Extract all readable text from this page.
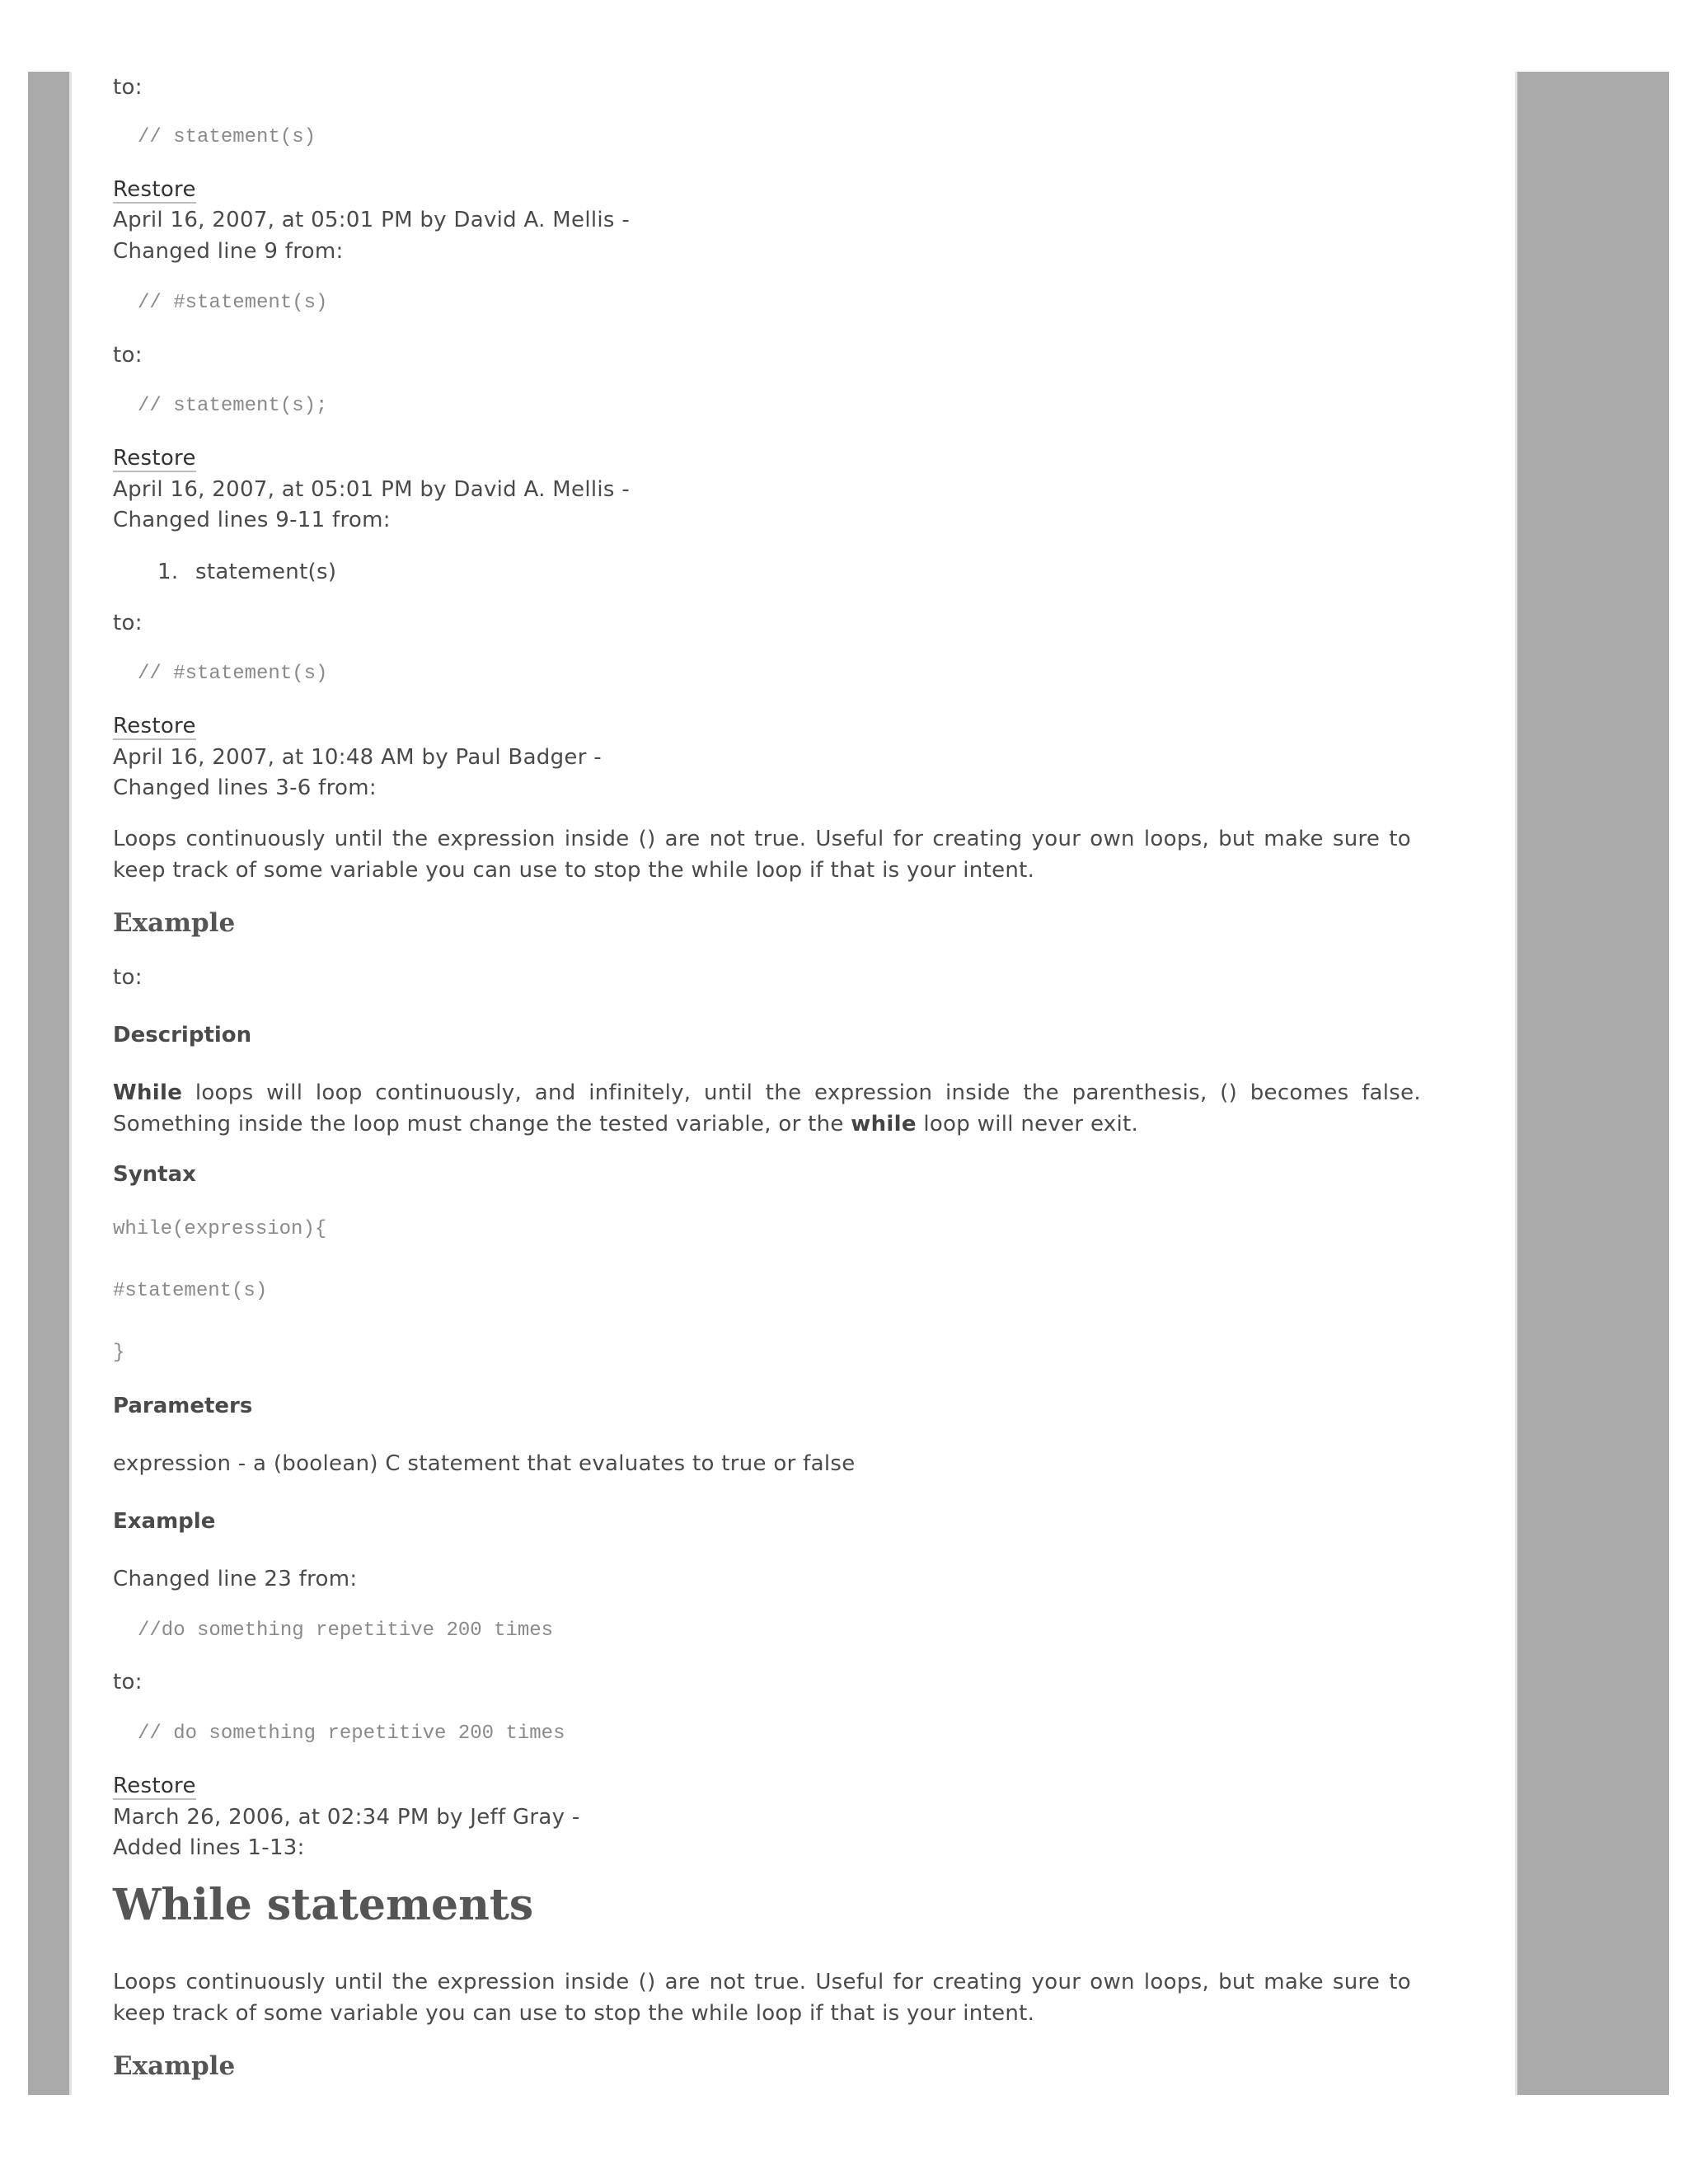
to:
// statement(s)
Restore
April 16, 2007, at 05:01 PM by David A. Mellis -
Changed line 9 from:
// #statement(s)
to:
// statement(s);
Restore
April 16, 2007, at 05:01 PM by David A. Mellis -
Changed lines 9-11 from:
1. statement(s)
to:
// #statement(s)
Restore
April 16, 2007, at 10:48 AM by Paul Badger -
Changed lines 3-6 from:
Loops continuously until the expression inside () are not true. Useful for creating your own loops, but make sure to keep track of some variable you can use to stop the while loop if that is your intent.
Example
to:
Description
While loops will loop continuously, and infinitely, until the expression inside the parenthesis, () becomes false. Something inside the loop must change the tested variable, or the while loop will never exit.
Syntax
while(expression){
#statement(s)
}
Parameters
expression - a (boolean) C statement that evaluates to true or false
Example
Changed line 23 from:
//do something repetitive 200 times
to:
// do something repetitive 200 times
Restore
March 26, 2006, at 02:34 PM by Jeff Gray -
Added lines 1-13:
While statements
Loops continuously until the expression inside () are not true. Useful for creating your own loops, but make sure to keep track of some variable you can use to stop the while loop if that is your intent.
Example
